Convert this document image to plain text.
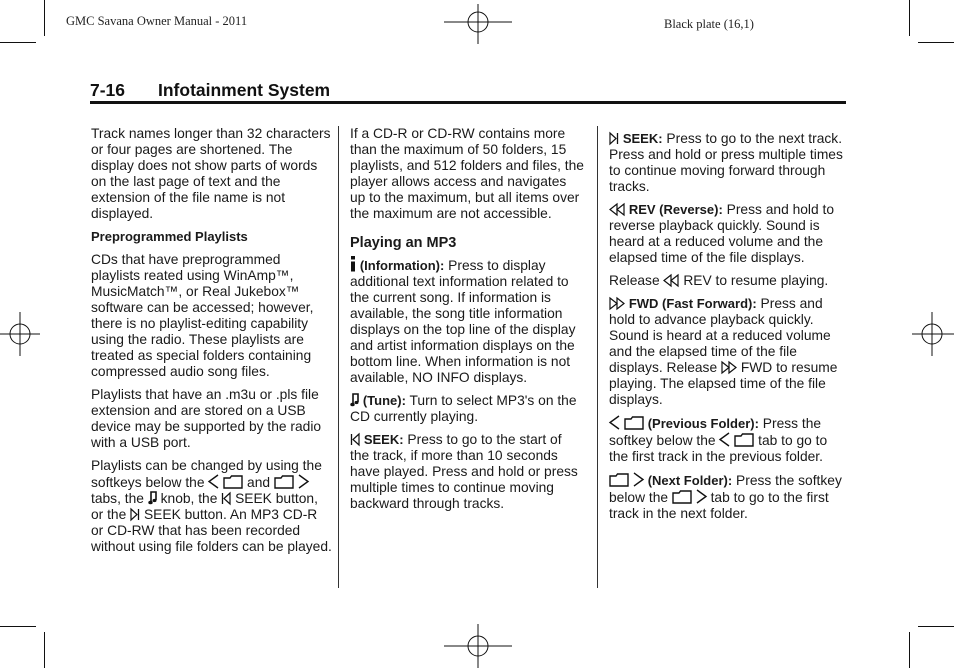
GMC Savana Owner Manual - 2011	Black plate (16,1)
7-16 Infotainment System

Track names longer than 32 characters or four pages are shortened. The display does not show parts of words on the last page of text and the extension of the file name is not displayed.

Preprogrammed Playlists

CDs that have preprogrammed playlists reated using WinAmp™, MusicMatch™, or Real Jukebox™ software can be accessed; however, there is no playlist-editing capability using the radio. These playlists are treated as special folders containing compressed audio song files.

Playlists that have an .m3u or .pls file extension and are stored on a USB device may be supported by the radio with a USB port.

Playlists can be changed by using the softkeys below the	and   tabs, the knob, the SEEK button, or the SEEK button. An MP3 CD-R or CD-RW that has been recorded without using file folders can be played.

If a CD-R or CD-RW contains more than the maximum of 50 folders, 15 playlists, and 512 folders and files, the player allows access and navigates up to the maximum, but all items over the maximum are not accessible.

Playing an MP3

(Information): Press to display additional text information related to the current song. If information is available, the song title information displays on the top line of the display and artist information displays on the bottom line. When information is not available, NO INFO displays.

(Tune): Turn to select MP3's on the CD currently playing.

SEEK: Press to go to the start of the track, if more than 10 seconds have played. Press and hold or press multiple times to continue moving backward through tracks.

SEEK: Press to go to the next track. Press and hold or press multiple times to continue moving forward through tracks.

REV (Reverse): Press and hold to reverse playback quickly. Sound is heard at a reduced volume and the elapsed time of the file displays.

Release REV to resume playing.

FWD (Fast Forward): Press and hold to advance playback quickly. Sound is heard at a reduced volume and the elapsed time of the file displays. Release FWD to resume playing. The elapsed time of the file displays.

(Previous Folder): Press the softkey below the	tab to go to the first track in the previous folder.

(Next Folder): Press the softkey below the	tab to go to the first track in the next folder.
